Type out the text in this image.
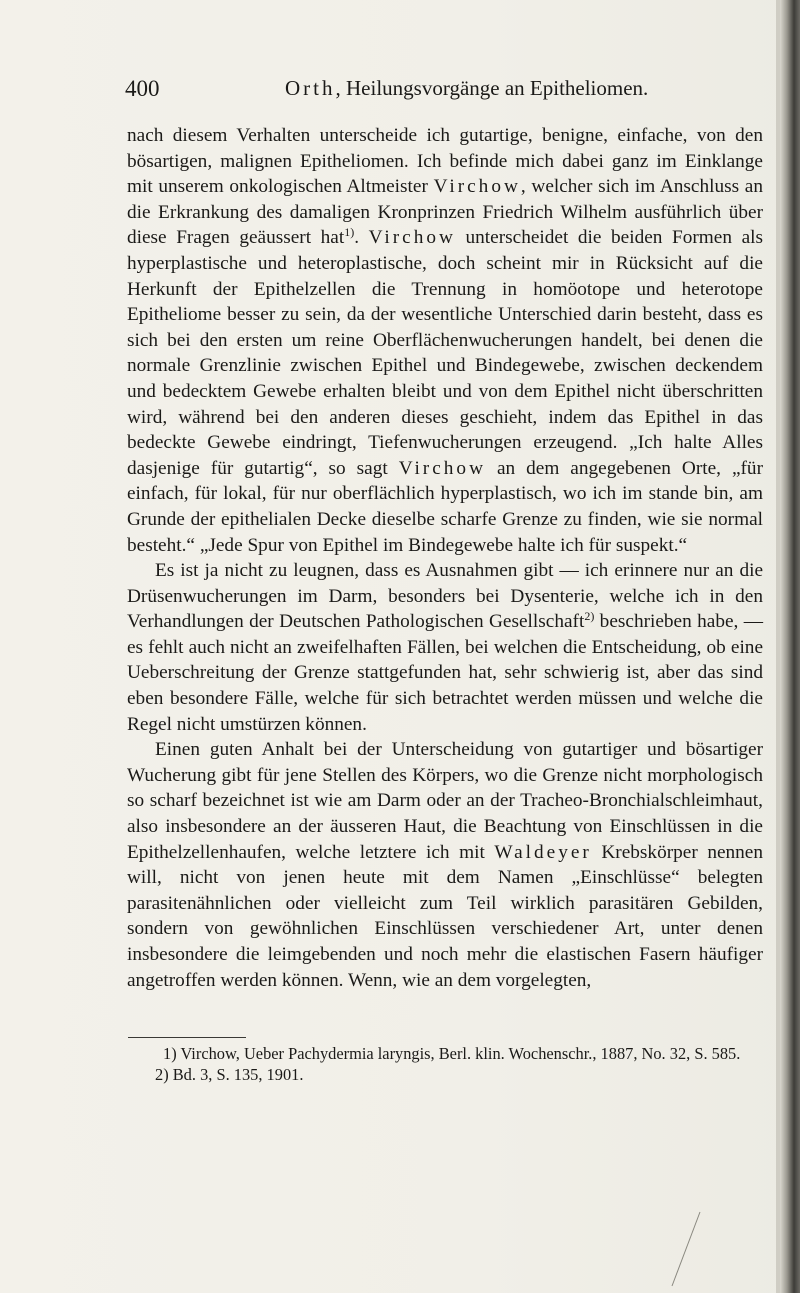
400	Orth, Heilungsvorgänge an Epitheliomen.

nach diesem Verhalten unterscheide ich gutartige, benigne, einfache, von den bösartigen, malignen Epitheliomen. Ich befinde mich dabei ganz im Einklange mit unserem onkologischen Altmeister Virchow, welcher sich im Anschluss an die Erkrankung des damaligen Kronprinzen Friedrich Wilhelm ausführlich über diese Fragen geäussert hat$^{1)}$. Virchow unterscheidet die beiden Formen als hyperplastische und heteroplastische, doch scheint mir in Rücksicht auf die Herkunft der Epithelzellen die Trennung in homöotope und heterotope Epitheliome besser zu sein, da der wesentliche Unterschied darin besteht, dass es sich bei den ersten um reine Oberflächenwucherungen handelt, bei denen die normale Grenzlinie zwischen Epithel und Bindegewebe, zwischen deckendem und bedecktem Gewebe erhalten bleibt und von dem Epithel nicht überschritten wird, während bei den anderen dieses geschieht, indem das Epithel in das bedeckte Gewebe eindringt, Tiefenwucherungen erzeugend. „Ich halte Alles dasjenige für gutartig“, so sagt Virchow an dem angegebenen Orte, „für einfach, für lokal, für nur oberflächlich hyperplastisch, wo ich im stande bin, am Grunde der epithelialen Decke dieselbe scharfe Grenze zu finden, wie sie normal besteht.“ „Jede Spur von Epithel im Bindegewebe halte ich für suspekt.“

Es ist ja nicht zu leugnen, dass es Ausnahmen gibt — ich erinnere nur an die Drüsenwucherungen im Darm, besonders bei Dysenterie, welche ich in den Verhandlungen der Deutschen Pathologischen Gesellschaft$^{2)}$ beschrieben habe, — es fehlt auch nicht an zweifelhaften Fällen, bei welchen die Entscheidung, ob eine Ueberschreitung der Grenze stattgefunden hat, sehr schwierig ist, aber das sind eben besondere Fälle, welche für sich betrachtet werden müssen und welche die Regel nicht umstürzen können.

Einen guten Anhalt bei der Unterscheidung von gutartiger und bösartiger Wucherung gibt für jene Stellen des Körpers, wo die Grenze nicht morphologisch so scharf bezeichnet ist wie am Darm oder an der Tracheo-Bronchialschleimhaut, also insbesondere an der äusseren Haut, die Beachtung von Einschlüssen in die Epithelzellenhaufen, welche letztere ich mit Waldeyer Krebskörper nennen will, nicht von jenen heute mit dem Namen „Einschlüsse“ belegten parasitenähnlichen oder vielleicht zum Teil wirklich parasitären Gebilden, sondern von gewöhnlichen Einschlüssen verschiedener Art, unter denen insbesondere die leimgebenden und noch mehr die elastischen Fasern häufiger angetroffen werden können. Wenn, wie an dem vorgelegten,

1) Virchow, Ueber Pachydermia laryngis, Berl. klin. Wochenschr., 1887, No. 32, S. 585.

2) Bd. 3, S. 135, 1901.
